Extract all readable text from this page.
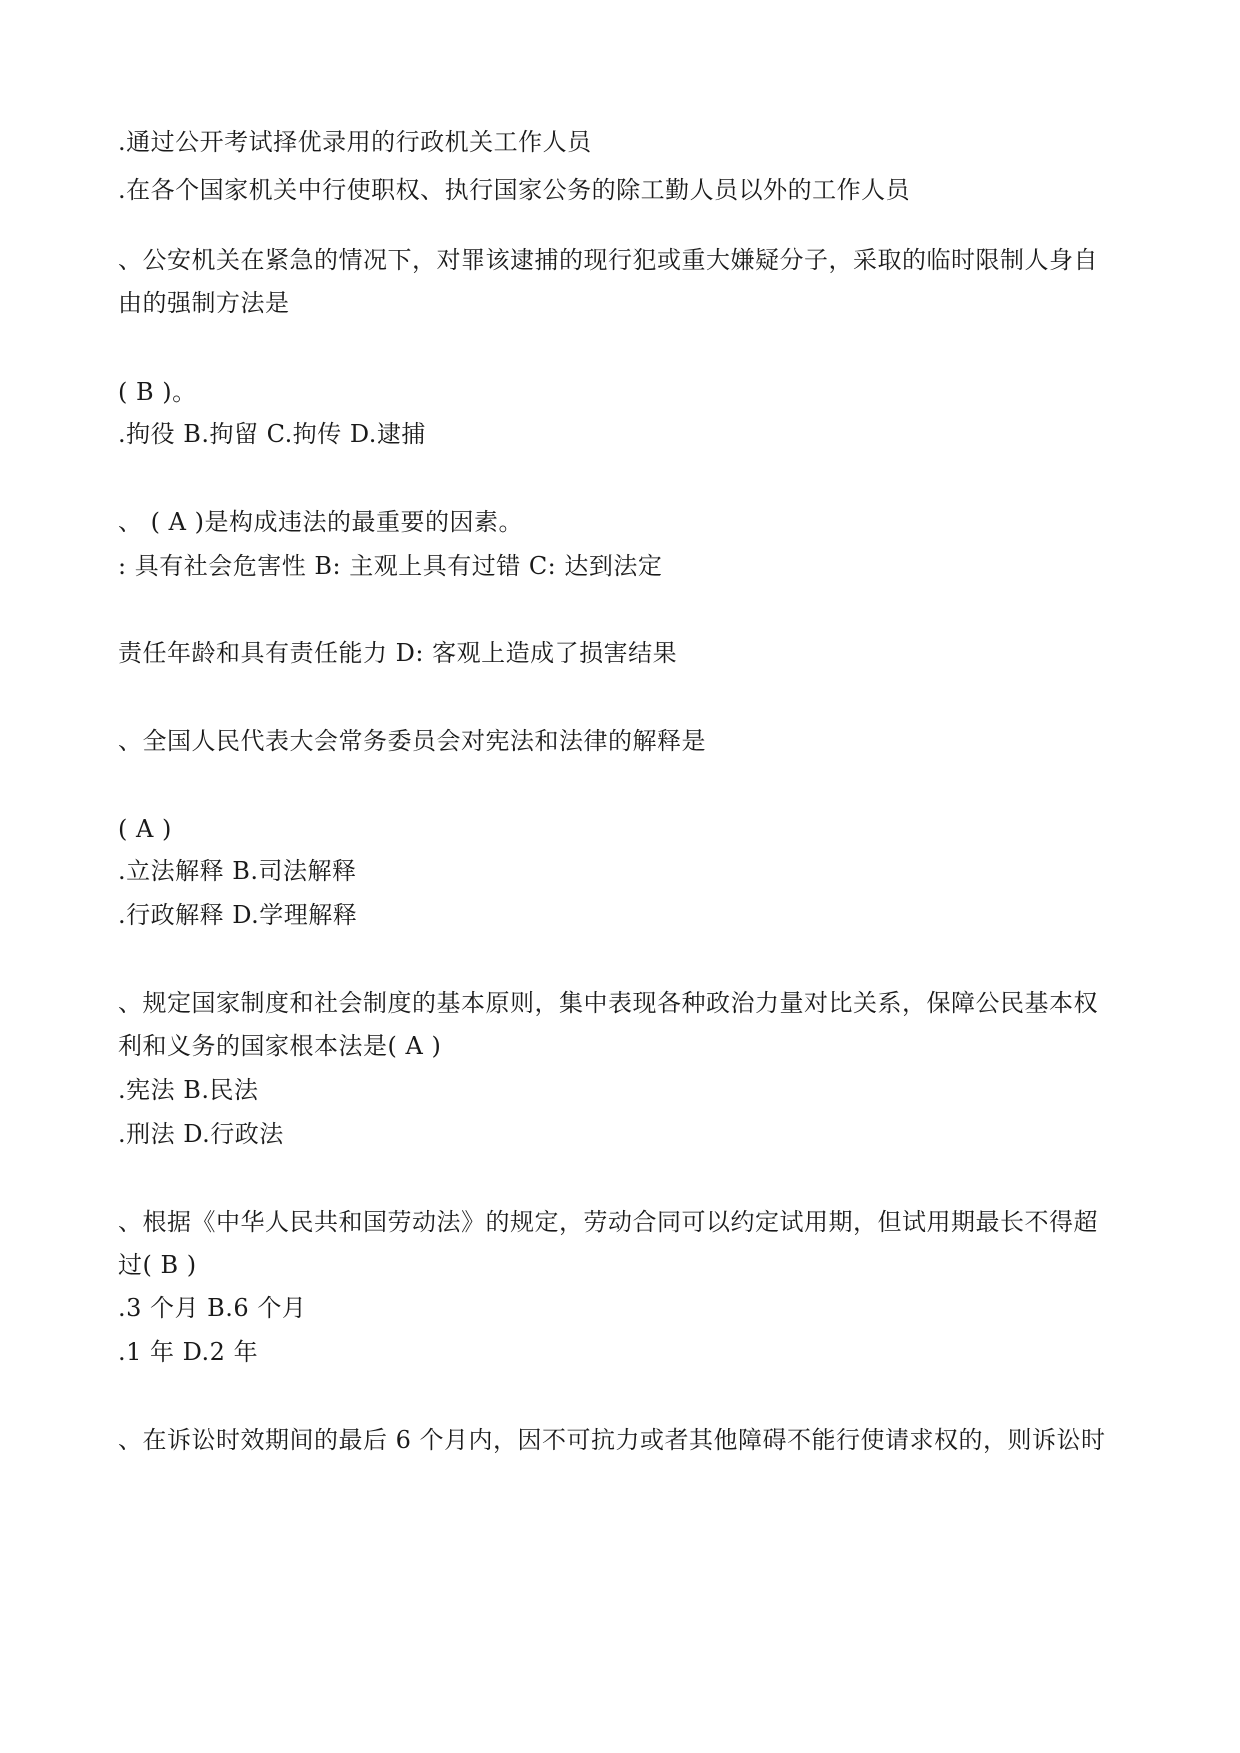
.通过公开考试择优录用的行政机关工作人员
.在各个国家机关中行使职权、执行国家公务的除工勤人员以外的工作人员
、公安机关在紧急的情况下，对罪该逮捕的现行犯或重大嫌疑分子，采取的临时限制人身自
由的强制方法是
( B )。
.拘役 B.拘留 C.拘传 D.逮捕
、 ( A )是构成违法的最重要的因素。
: 具有社会危害性 B: 主观上具有过错 C: 达到法定
责任年龄和具有责任能力 D: 客观上造成了损害结果
、全国人民代表大会常务委员会对宪法和法律的解释是
( A )
.立法解释 B.司法解释
.行政解释 D.学理解释
、规定国家制度和社会制度的基本原则，集中表现各种政治力量对比关系，保障公民基本权
利和义务的国家根本法是( A )
.宪法 B.民法
.刑法 D.行政法
、根据《中华人民共和国劳动法》的规定，劳动合同可以约定试用期，但试用期最长不得超
过( B )
.3 个月 B.6 个月
.1 年 D.2 年
、在诉讼时效期间的最后 6 个月内，因不可抗力或者其他障碍不能行使请求权的，则诉讼时
